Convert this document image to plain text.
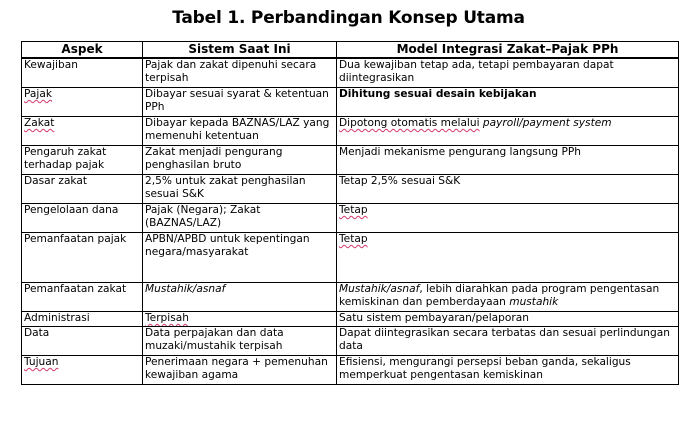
Tabel 1. Perbandingan Konsep Utama
Aspek	Sistem Saat Ini	Model Integrasi Zakat–Pajak PPh
Kewajiban	Pajak dan zakat dipenuhi secara terpisah	Dua kewajiban tetap ada, tetapi pembayaran dapat diintegrasikan
Pajak	Dibayar sesuai syarat & ketentuan PPh	Dihitung sesuai desain kebijakan
Zakat	Dibayar kepada BAZNAS/LAZ yang memenuhi ketentuan	Dipotong otomatis melalui payroll/payment system
Pengaruh zakat terhadap pajak	Zakat menjadi pengurang penghasilan bruto	Menjadi mekanisme pengurang langsung PPh
Dasar zakat	2,5% untuk zakat penghasilan sesuai S&K	Tetap 2,5% sesuai S&K
Pengelolaan dana	Pajak (Negara); Zakat (BAZNAS/LAZ)	Tetap
Pemanfaatan pajak	APBN/APBD untuk kepentingan negara/masyarakat	Tetap
Pemanfaatan zakat	Mustahik/asnaf	Mustahik/asnaf, lebih diarahkan pada program pengentasan kemiskinan dan pemberdayaan mustahik
Administrasi	Terpisah	Satu sistem pembayaran/pelaporan
Data	Data perpajakan dan data muzaki/mustahik terpisah	Dapat diintegrasikan secara terbatas dan sesuai perlindungan data
Tujuan	Penerimaan negara + pemenuhan kewajiban agama	Efisiensi, mengurangi persepsi beban ganda, sekaligus memperkuat pengentasan kemiskinan
